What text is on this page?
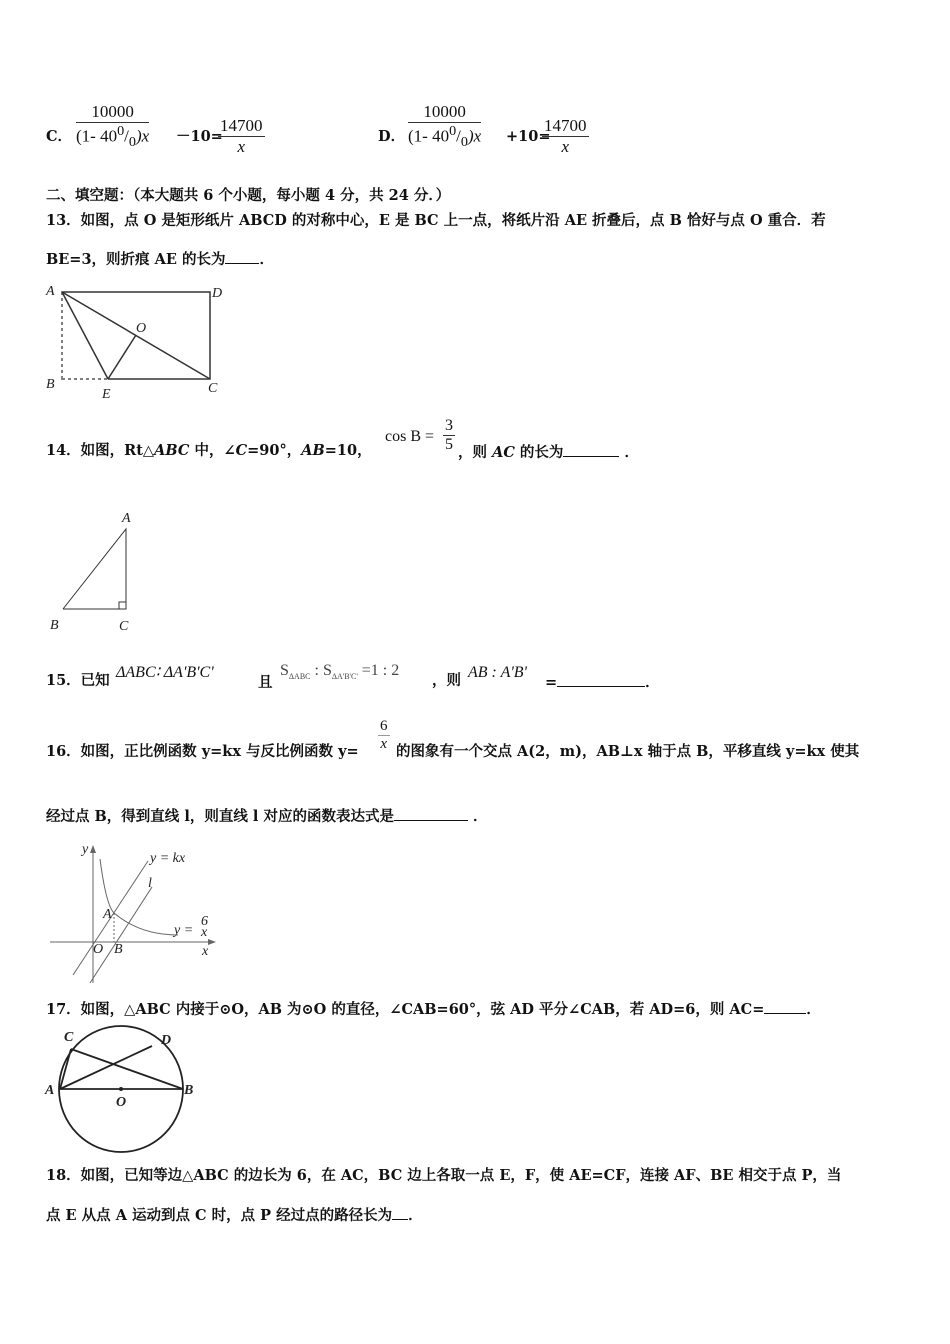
C． $\frac{10000}{(1- 40^0/_0)x} -10=$
$\frac{14700}{x}$	D． $\frac{10000}{(1- 40^0/_0)x} +10=$
$\frac{14700}{x}$
二、填空题：（本大题共 6 个小题，每小题 4 分，共 24 分．）
13．如图，点 O 是矩形纸片 ABCD 的对称中心，E 是 BC 上一点，将纸片沿 AE 折叠后，点 B 恰好与点 O 重合．若
BE=3，则折痕 AE 的长为 ．
A	D
O
B
E	C
14．如图，Rt△ABC 中，∠C=90°，AB=10，
$\cos B = \frac{3}{5}$ ，则 AC 的长为	．
A
B	C
15．已知 ΔABC∶ ΔA'B'C'
且
$S_{\Delta ABC}$ : $S_{\Delta A'B'C'} =1$ : 2
，则 AB : A'B'
=	．
16．如图，正比例函数 y=kx 与反比例函数 $y= \frac{6}{x}$ 的图象有一个交点 A(2，m)，AB⊥x 轴于点 B，平移直线 y=kx 使其
经过点 B，得到直线 l，则直线 l 对应的函数表达式是	．
y
y = kx
l
A
y =
6
x
O B	x
17．如图，△ABC 内接于⊙O，AB 为⊙O 的直径，∠CAB=60°，弦 AD 平分∠CAB，若 AD=6，则 AC=	．
C	D
A	B
O
18．如图，已知等边△ABC 的边长为 6，在 AC，BC 边上各取一点 E，F，使 AE=CF，连接 AF、BE 相交于点 P，当
点 E 从点 A 运动到点 C 时，点 P 经过点的路径长为 ．
